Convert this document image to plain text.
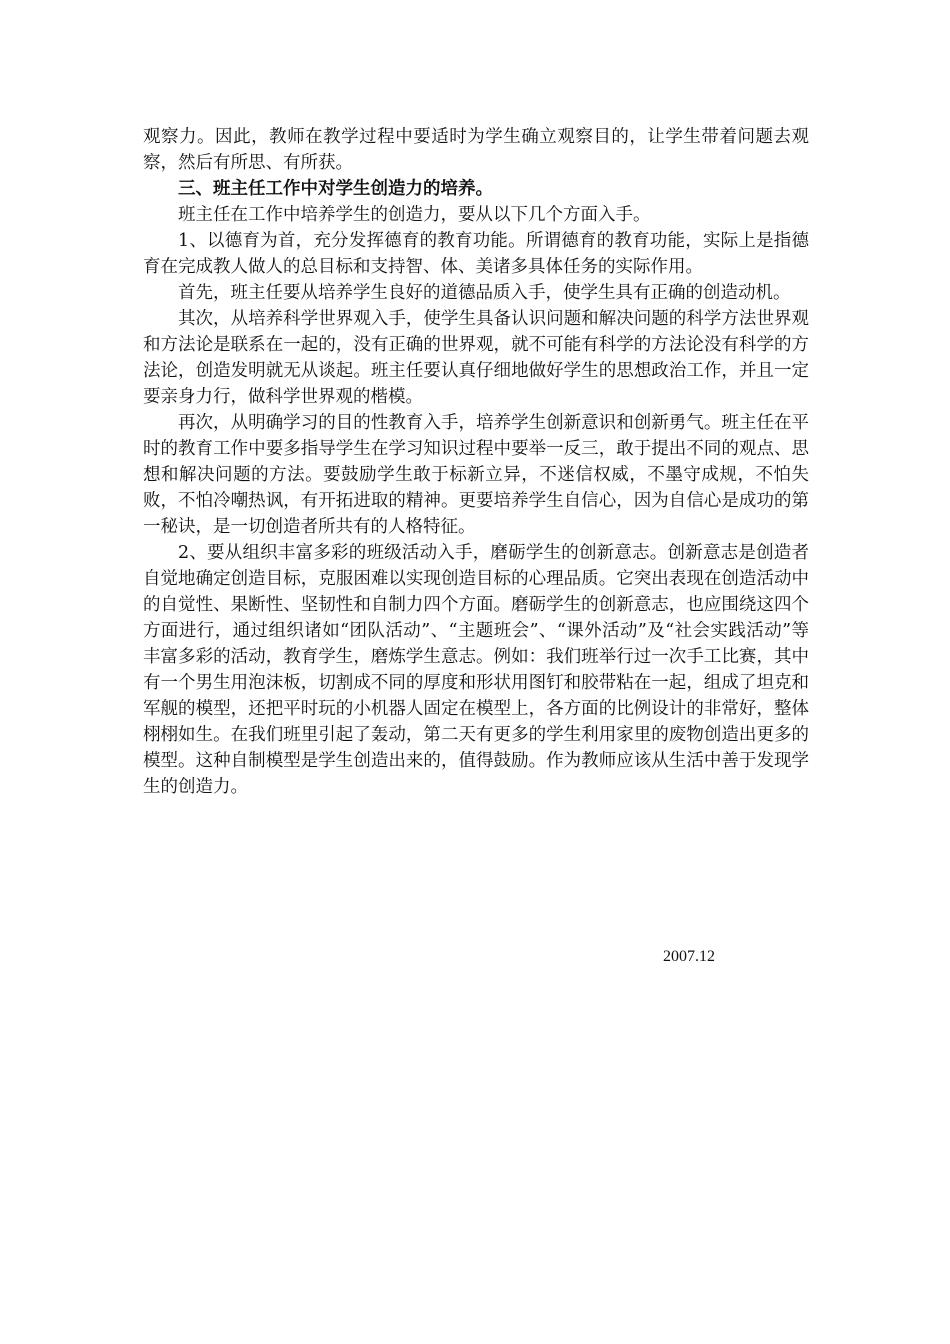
观察力。因此，教师在教学过程中要适时为学生确立观察目的，让学生带着问题去观察，然后有所思、有所获。

三、班主任工作中对学生创造力的培养。

班主任在工作中培养学生的创造力，要从以下几个方面入手。

1、以德育为首，充分发挥德育的教育功能。所谓德育的教育功能，实际上是指德育在完成教人做人的总目标和支持智、体、美诸多具体任务的实际作用。

首先，班主任要从培养学生良好的道德品质入手，使学生具有正确的创造动机。

其次，从培养科学世界观入手，使学生具备认识问题和解决问题的科学方法世界观和方法论是联系在一起的，没有正确的世界观，就不可能有科学的方法论没有科学的方法论，创造发明就无从谈起。班主任要认真仔细地做好学生的思想政治工作，并且一定要亲身力行，做科学世界观的楷模。

再次，从明确学习的目的性教育入手，培养学生创新意识和创新勇气。班主任在平时的教育工作中要多指导学生在学习知识过程中要举一反三，敢于提出不同的观点、思想和解决问题的方法。要鼓励学生敢于标新立异，不迷信权威，不墨守成规，不怕失败，不怕冷嘲热讽，有开拓进取的精神。更要培养学生自信心，因为自信心是成功的第一秘诀，是一切创造者所共有的人格特征。

2、要从组织丰富多彩的班级活动入手，磨砺学生的创新意志。创新意志是创造者自觉地确定创造目标，克服困难以实现创造目标的心理品质。它突出表现在创造活动中的自觉性、果断性、坚韧性和自制力四个方面。磨砺学生的创新意志，也应围绕这四个方面进行，通过组织诸如“团队活动”、“主题班会”、“课外活动”及“社会实践活动”等丰富多彩的活动，教育学生，磨炼学生意志。例如：我们班举行过一次手工比赛，其中有一个男生用泡沫板，切割成不同的厚度和形状用图钉和胶带粘在一起，组成了坦克和军舰的模型，还把平时玩的小机器人固定在模型上，各方面的比例设计的非常好，整体栩栩如生。在我们班里引起了轰动，第二天有更多的学生利用家里的废物创造出更多的模型。这种自制模型是学生创造出来的，值得鼓励。作为教师应该从生活中善于发现学生的创造力。

2007.12
